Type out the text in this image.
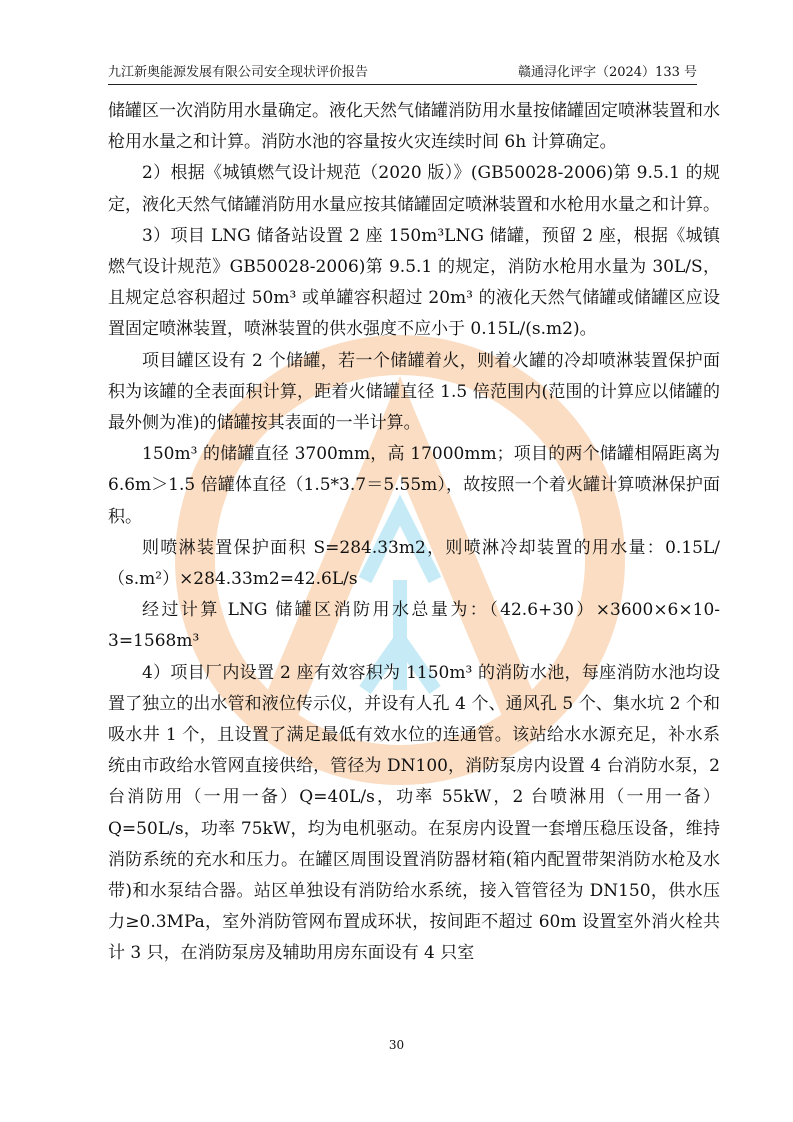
九江新奥能源发展有限公司安全现状评价报告	赣通浔化评字（2024）133 号

储罐区一次消防用水量确定。液化天然气储罐消防用水量按储罐固定喷淋装置和水枪用水量之和计算。消防水池的容量按火灾连续时间 6h 计算确定。

2）根据《城镇燃气设计规范（2020 版）》(GB50028-2006)第 9.5.1 的规定，液化天然气储罐消防用水量应按其储罐固定喷淋装置和水枪用水量之和计算。

3）项目 LNG 储备站设置 2 座 150m³LNG 储罐，预留 2 座，根据《城镇燃气设计规范》GB50028-2006)第 9.5.1 的规定，消防水枪用水量为 30L/S，且规定总容积超过 50m³ 或单罐容积超过 20m³ 的液化天然气储罐或储罐区应设置固定喷淋装置，喷淋装置的供水强度不应小于 0.15L/(s.m2)。

项目罐区设有 2 个储罐，若一个储罐着火，则着火罐的冷却喷淋装置保护面积为该罐的全表面积计算，距着火储罐直径 1.5 倍范围内(范围的计算应以储罐的最外侧为准)的储罐按其表面的一半计算。

150m³ 的储罐直径 3700mm，高 17000mm；项目的两个储罐相隔距离为 6.6m＞1.5 倍罐体直径（1.5*3.7＝5.55m），故按照一个着火罐计算喷淋保护面积。

则喷淋装置保护面积 S=284.33m2，则喷淋冷却装置的用水量：0.15L/（s.m²）×284.33m2=42.6L/s

经过计算 LNG 储罐区消防用水总量为：（42.6+30）×3600×6×10-3=1568m³

4）项目厂内设置 2 座有效容积为 1150m³ 的消防水池，每座消防水池均设置了独立的出水管和液位传示仪，并设有人孔 4 个、通风孔 5 个、集水坑 2 个和吸水井 1 个，且设置了满足最低有效水位的连通管。该站给水水源充足，补水系统由市政给水管网直接供给，管径为 DN100，消防泵房内设置 4 台消防水泵，2 台消防用（一用一备）Q=40L/s，功率 55kW，2 台喷淋用（一用一备）Q=50L/s，功率 75kW，均为电机驱动。在泵房内设置一套增压稳压设备，维持消防系统的充水和压力。在罐区周围设置消防器材箱(箱内配置带架消防水枪及水带)和水泵结合器。站区单独设有消防给水系统，接入管管径为 DN150，供水压力≥0.3MPa，室外消防管网布置成环状，按间距不超过 60m 设置室外消火栓共计 3 只，在消防泵房及辅助用房东面设有 4 只室

30
